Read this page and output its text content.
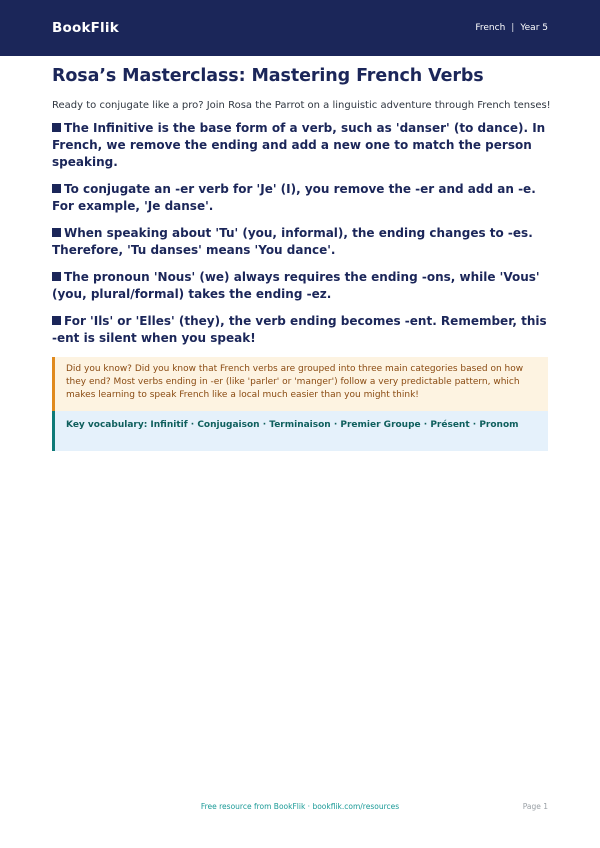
BookFlik	French | Year 5
Rosa’s Masterclass: Mastering French Verbs

Ready to conjugate like a pro? Join Rosa the Parrot on a linguistic adventure through French tenses!

The Infinitive is the base form of a verb, such as 'danser' (to dance). In French, we remove the ending and add a new one to match the person speaking.
To conjugate an -er verb for 'Je' (I), you remove the -er and add an -e. For example, 'Je danse'.
When speaking about 'Tu' (you, informal), the ending changes to -es. Therefore, 'Tu danses' means 'You dance'.
The pronoun 'Nous' (we) always requires the ending -ons, while 'Vous' (you, plural/formal) takes the ending -ez.
For 'Ils' or 'Elles' (they), the verb ending becomes -ent. Remember, this -ent is silent when you speak!
Did you know? Did you know that French verbs are grouped into three main categories based on how they end? Most verbs ending in -er (like 'parler' or 'manger') follow a very predictable pattern, which makes learning to speak French like a local much easier than you might think!
Key vocabulary: Infinitif · Conjugaison · Terminaison · Premier Groupe · Présent · Pronom
Free resource from BookFlik · bookflik.com/resources	Page 1
